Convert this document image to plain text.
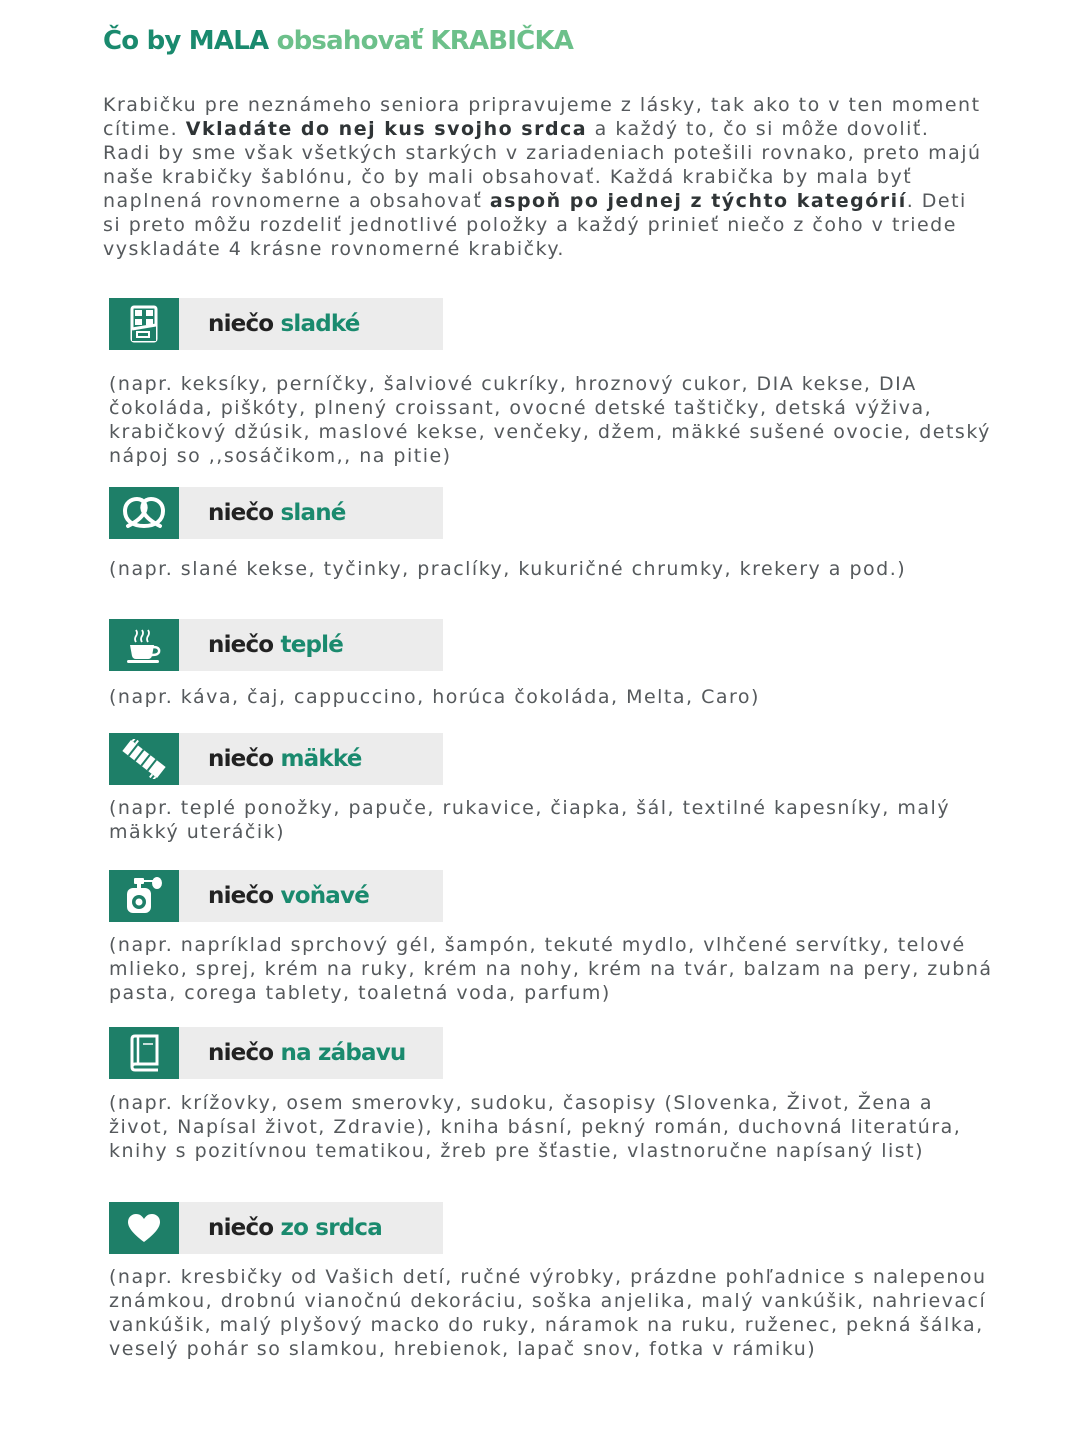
Čo by MALA obsahovať KRABIČKA

Krabičku pre neznámeho seniora pripravujeme z lásky, tak ako to v ten moment cítime. Vkladáte do nej kus svojho srdca a každý to, čo si môže dovoliť. Radi by sme však všetkých starkých v zariadeniach potešili rovnako, preto majú naše krabičky šablónu, čo by mali obsahovať. Každá krabička by mala byť naplnená rovnomerne a obsahovať aspoň po jednej z týchto kategórií. Deti si preto môžu rozdeliť jednotlivé položky a každý prinieť niečo z čoho v triede vyskladáte 4 krásne rovnomerné krabičky.

niečo sladké

(napr. keksíky, perníčky, šalviové cukríky, hroznový cukor, DIA kekse, DIA čokoláda, piškóty, plnený croissant, ovocné detské taštičky, detská výživa, krabičkový džúsik, maslové kekse, venčeky, džem, mäkké sušené ovocie, detský nápoj so ,,sosáčikom,, na pitie)

niečo slané

(napr. slané kekse, tyčinky, praclíky, kukuričné chrumky, krekery a pod.)

niečo teplé

(napr. káva, čaj, cappuccino, horúca čokoláda, Melta, Caro)

niečo mäkké

(napr. teplé ponožky, papuče, rukavice, čiapka, šál, textilné kapesníky, malý mäkký uteráčik)

niečo voňavé

(napr. napríklad sprchový gél, šampón, tekuté mydlo, vlhčené servítky, telové mlieko, sprej, krém na ruky, krém na nohy, krém na tvár, balzam na pery, zubná pasta, corega tablety, toaletná voda, parfum)

niečo na zábavu

(napr. krížovky, osem smerovky, sudoku, časopisy (Slovenka, Život, Žena a život, Napísal život, Zdravie), kniha básní, pekný román, duchovná literatúra, knihy s pozitívnou tematikou, žreb pre šťastie, vlastnoručne napísaný list)

niečo zo srdca

(napr. kresbičky od Vašich detí, ručné výrobky, prázdne pohľadnice s nalepenou známkou, drobnú vianočnú dekoráciu, soška anjelika, malý vankúšik, nahrievací vankúšik, malý plyšový macko do ruky, náramok na ruku, ruženec, pekná šálka, veselý pohár so slamkou, hrebienok, lapač snov, fotka v rámiku)
